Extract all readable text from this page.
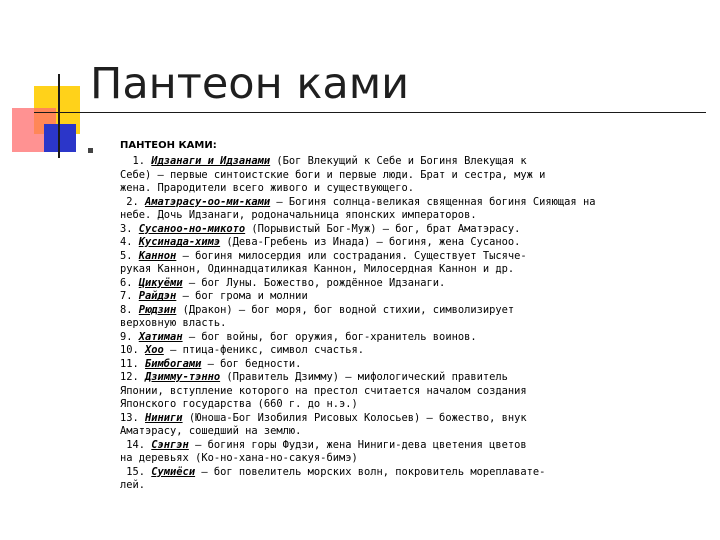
Пантеон ками
ПАНТЕОН КАМИ:
1. Идзанаги и Идзанами (Бог Влекущий к Себе и Богиня Влекущая к
Себе) – первые синтоистские боги и первые люди. Брат и сестра, муж и
жена. Прародители всего живого и существующего.
2. Аматэрасу-оо-ми-ками – Богиня солнца-великая священная богиня Сияющая на
небе. Дочь Идзанаги, родоначальница японских императоров.
3. Сусаноо-но-микото (Порывистый Бог-Муж) – бог, брат Аматэрасу.
4. Кусинада-химэ (Дева-Гребень из Инада) – богиня, жена Сусаноо.
5. Каннон – богиня милосердия или сострадания. Существует Тысяче-
рукая Каннон, Одиннадцатиликая Каннон, Милосердная Каннон и др.
6. Цикуёми – бог Луны. Божество, рождённое Идзанаги.
7. Райдэн – бог грома и молнии
8. Рюдзин (Дракон) – бог моря, бог водной стихии, символизирует
верховную власть.
9. Хатиман – бог войны, бог оружия, бог-хранитель воинов.
10. Хоо – птица-феникс, символ счастья.
11. Бимбогами – бог бедности.
12. Дзимму-тэнно (Правитель Дзимму) – мифологический правитель
Японии, вступление которого на престол считается началом создания
Японского государства (660 г. до н.э.)
13. Ниниги (Юноша-Бог Изобилия Рисовых Колосьев) – божество, внук
Аматэрасу, сошедший на землю.
14. Сэнгэн – богиня горы Фудзи, жена Ниниги-дева цветения цветов
на деревьях (Ко-но-хана-но-сакуя-бимэ)
15. Сумиёси – бог повелитель морских волн, покровитель мореплавате-
лей.
